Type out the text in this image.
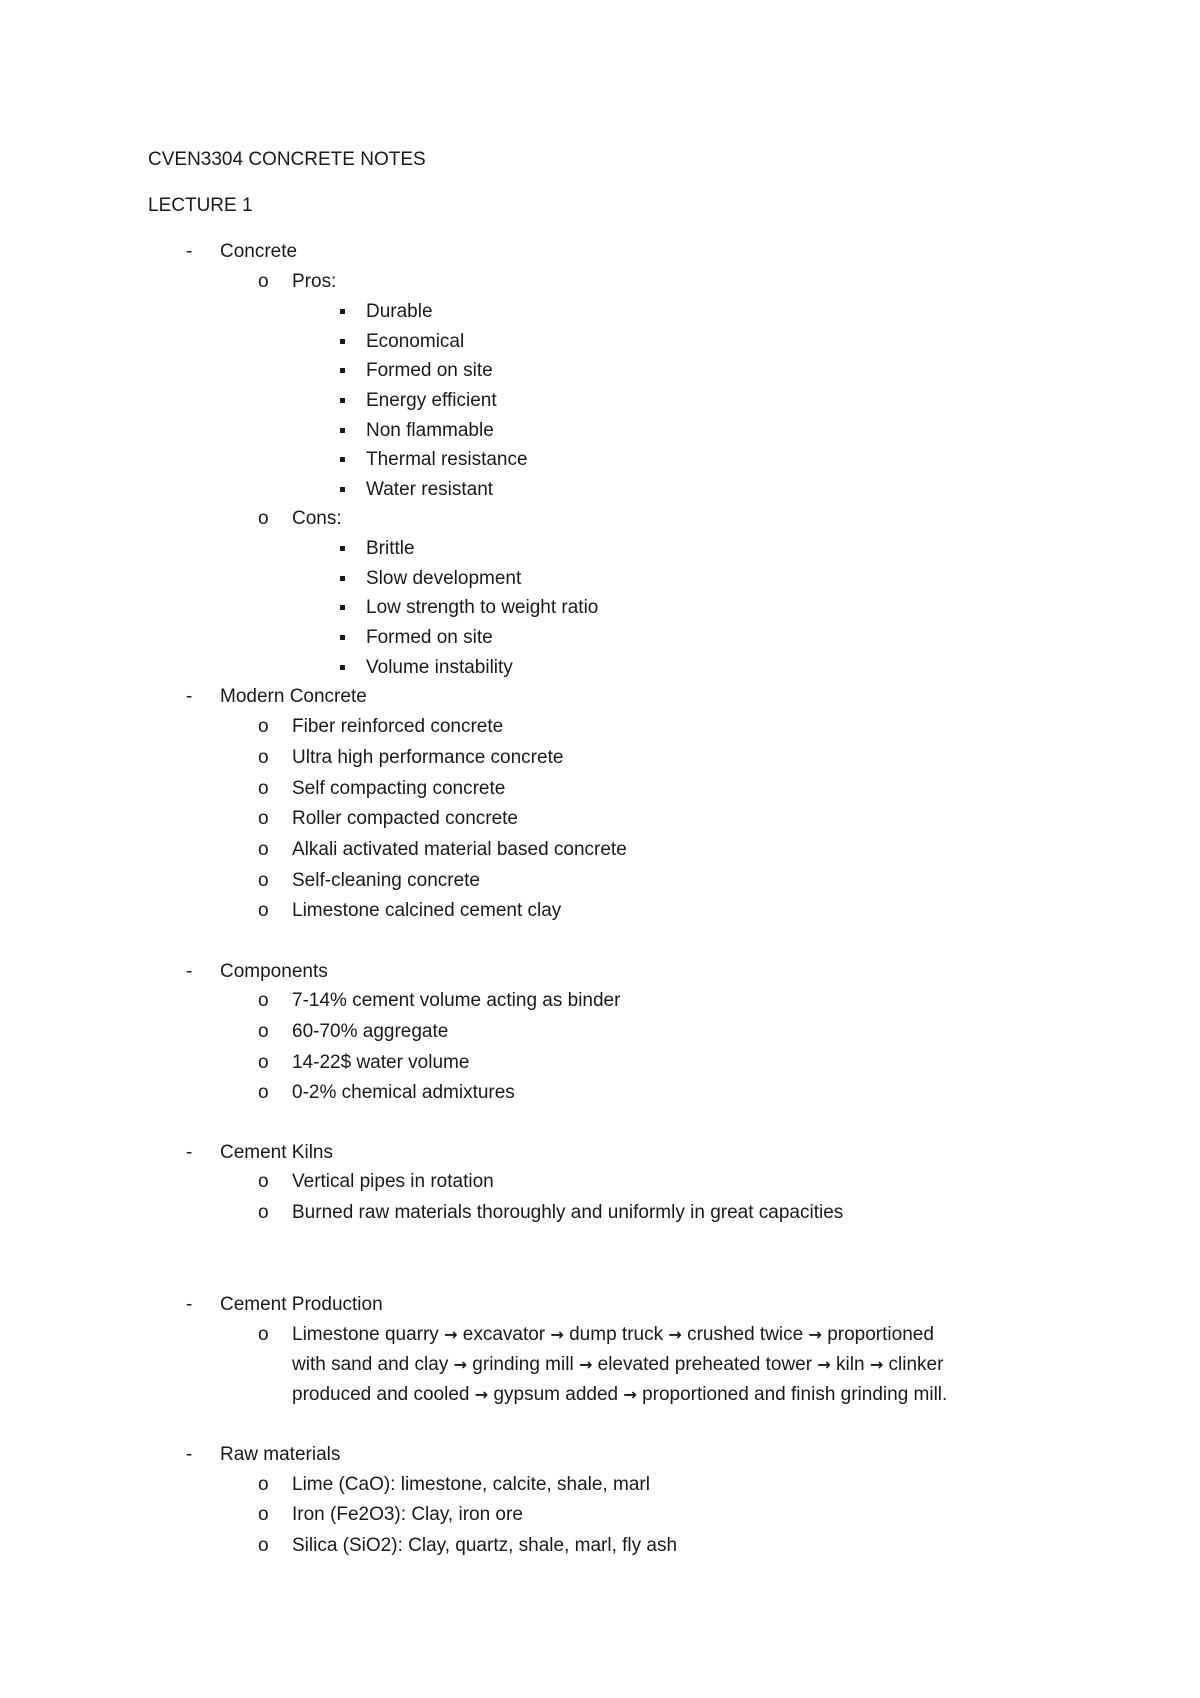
CVEN3304 CONCRETE NOTES
LECTURE 1
- Concrete
o Pros:
Durable
Economical
Formed on site
Energy efficient
Non flammable
Thermal resistance
Water resistant
o Cons:
Brittle
Slow development
Low strength to weight ratio
Formed on site
Volume instability
- Modern Concrete
o Fiber reinforced concrete
o Ultra high performance concrete
o Self compacting concrete
o Roller compacted concrete
o Alkali activated material based concrete
o Self-cleaning concrete
o Limestone calcined cement clay
- Components
o 7-14% cement volume acting as binder
o 60-70% aggregate
o 14-22$ water volume
o 0-2% chemical admixtures
- Cement Kilns
o Vertical pipes in rotation
o Burned raw materials thoroughly and uniformly in great capacities
- Cement Production
o Limestone quarry → excavator → dump truck → crushed twice → proportioned
with sand and clay → grinding mill → elevated preheated tower → kiln → clinker
produced and cooled → gypsum added → proportioned and finish grinding mill.
- Raw materials
o Lime (CaO): limestone, calcite, shale, marl
o Iron (Fe2O3): Clay, iron ore
o Silica (SiO2): Clay, quartz, shale, marl, fly ash
